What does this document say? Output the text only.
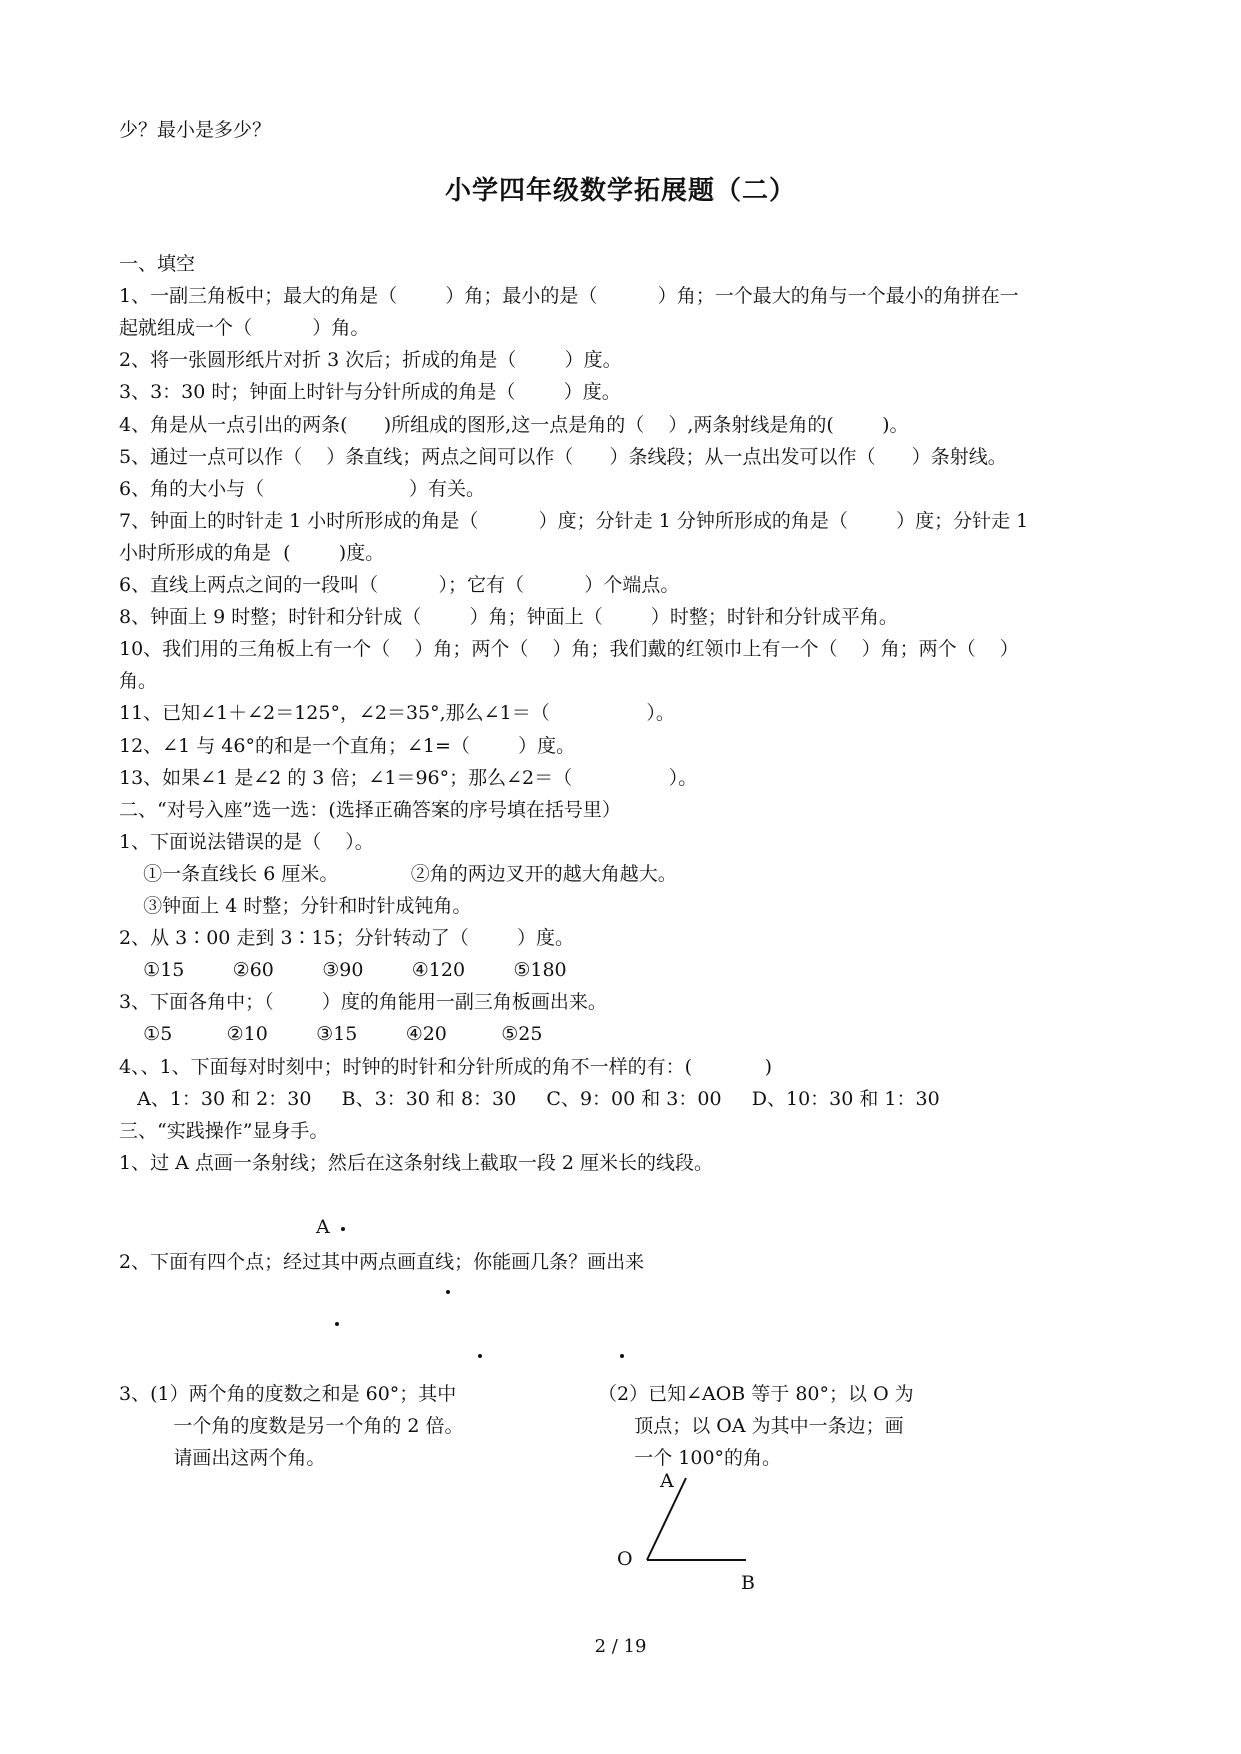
少？最小是多少？
小学四年级数学拓展题（二）
一、填空
1、一副三角板中；最大的角是（        ）角；最小的是（          ）角；一个最大的角与一个最小的角拼在一
起就组成一个（          ）角。
2、将一张圆形纸片对折 3 次后；折成的角是（        ）度。
3、3：30 时；钟面上时针与分针所成的角是（        ）度。
4、角是从一点引出的两条(      )所组成的图形,这一点是角的（    ）,两条射线是角的(        )。
5、通过一点可以作（    ）条直线；两点之间可以作（      ）条线段；从一点出发可以作（      ）条射线。
6、角的大小与（                        ）有关。
7、钟面上的时针走 1 小时所形成的角是（          ）度；分针走 1 分钟所形成的角是（        ）度；分针走 1
小时所形成的角是  (        )度。
6、直线上两点之间的一段叫（          ）；它有（          ）个端点。
8、钟面上 9 时整；时针和分针成（        ）角；钟面上（        ）时整；时针和分针成平角。
10、我们用的三角板上有一个（    ）角；两个（    ）角；我们戴的红领巾上有一个（    ）角；两个（    ）
角。
11、已知∠1＋∠2＝125°，∠2＝35°,那么∠1＝（                ）。
12、∠1 与 46°的和是一个直角；∠1=（        ）度。
13、如果∠1 是∠2 的 3 倍；∠1＝96°；那么∠2＝（                ）。
二、“对号入座”选一选：(选择正确答案的序号填在括号里）
1、下面说法错误的是（    ）。
①一条直线长 6 厘米。            ②角的两边叉开的越大角越大。
③钟面上 4 时整；分针和时针成钝角。
2、从 3∶00 走到 3∶15；分针转动了（        ）度。
①15        ②60        ③90        ④120        ⑤180
3、下面各角中；（        ）度的角能用一副三角板画出来。
①5         ②10        ③15        ④20         ⑤25
4、、1、下面每对时刻中；时钟的时针和分针所成的角不一样的有：(            )
A、1：30 和 2：30     B、3：30 和 8：30     C、9：00 和 3：00     D、10：30 和 1：30
三、“实践操作”显身手。
1、过 A 点画一条射线；然后在这条射线上截取一段 2 厘米长的线段。
A
2、下面有四个点；经过其中两点画直线；你能画几条？画出来
3、(1）两个角的度数之和是 60°；其中
一个角的度数是另一个角的 2 倍。
请画出这两个角。
（2）已知∠AOB 等于 80°；以 O 为
顶点；以 OA 为其中一条边；画
一个 100°的角。
A
O
B
2 / 19
